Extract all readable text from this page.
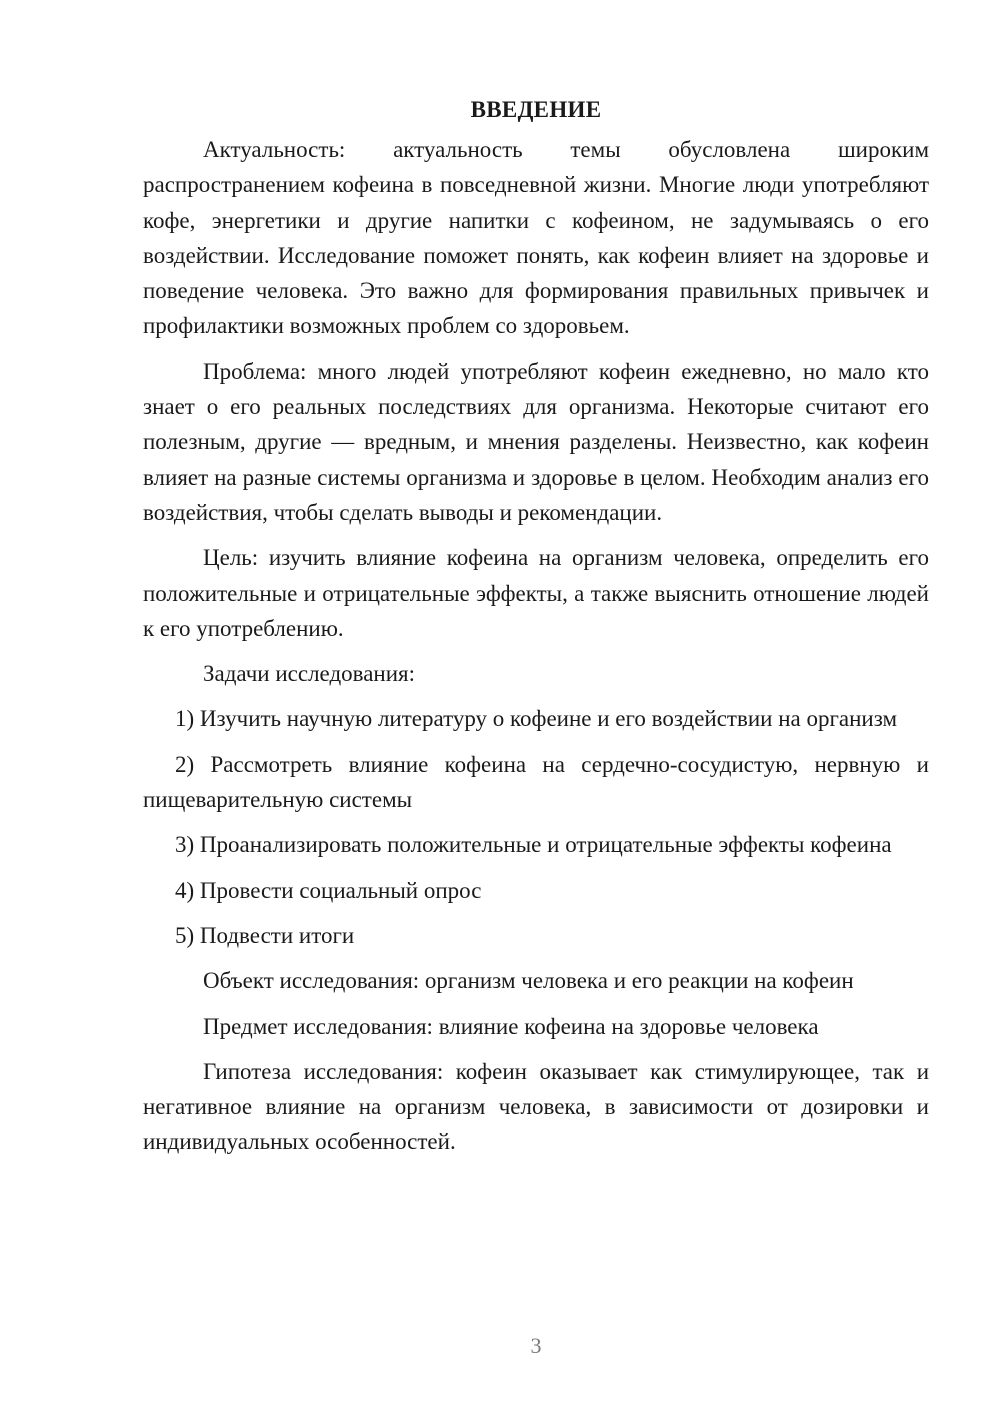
ВВЕДЕНИЕ

Актуальность: актуальность темы обусловлена широким распространением кофеина в повседневной жизни. Многие люди употребляют кофе, энергетики и другие напитки с кофеином, не задумываясь о его воздействии. Исследование поможет понять, как кофеин влияет на здоровье и поведение человека. Это важно для формирования правильных привычек и профилактики возможных проблем со здоровьем.

Проблема: много людей употребляют кофеин ежедневно, но мало кто знает о его реальных последствиях для организма. Некоторые считают его полезным, другие — вредным, и мнения разделены. Неизвестно, как кофеин влияет на разные системы организма и здоровье в целом. Необходим анализ его воздействия, чтобы сделать выводы и рекомендации.

Цель: изучить влияние кофеина на организм человека, определить его положительные и отрицательные эффекты, а также выяснить отношение людей к его употреблению.

Задачи исследования:

1) Изучить научную литературу о кофеине и его воздействии на организм

2) Рассмотреть влияние кофеина на сердечно-сосудистую, нервную и пищеварительную системы

3) Проанализировать положительные и отрицательные эффекты кофеина

4) Провести социальный опрос

5) Подвести итоги

Объект исследования: организм человека и его реакции на кофеин

Предмет исследования: влияние кофеина на здоровье человека

Гипотеза исследования: кофеин оказывает как стимулирующее, так и негативное влияние на организм человека, в зависимости от дозировки и индивидуальных особенностей.

3
